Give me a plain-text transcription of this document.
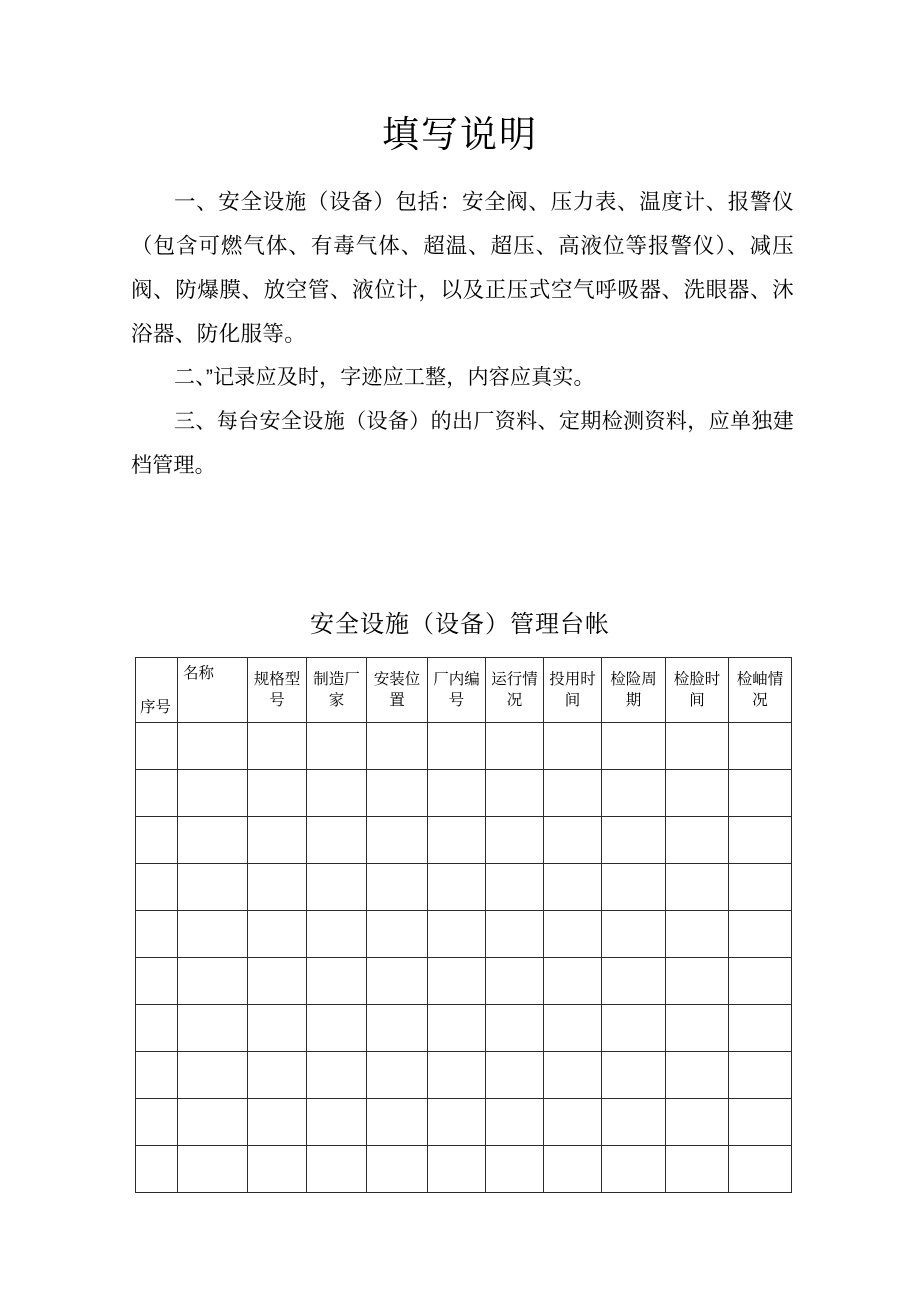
填写说明

一、安全设施（设备）包括：安全阀、压力表、温度计、报警仪（包含可燃气体、有毒气体、超温、超压、高液位等报警仪）、减压阀、防爆膜、放空管、液位计，以及正压式空气呼吸器、洗眼器、沐浴器、防化服等。

二、”记录应及时，字迹应工整，内容应真实。

三、每台安全设施（设备）的出厂资料、定期检测资料，应单独建档管理。

安全设施（设备）管理台帐
序号	名称	规格型号	制造厂家	安装位置	厂内编号	运行情况	投用时间	检险周期	检脸时间	检岫情况
